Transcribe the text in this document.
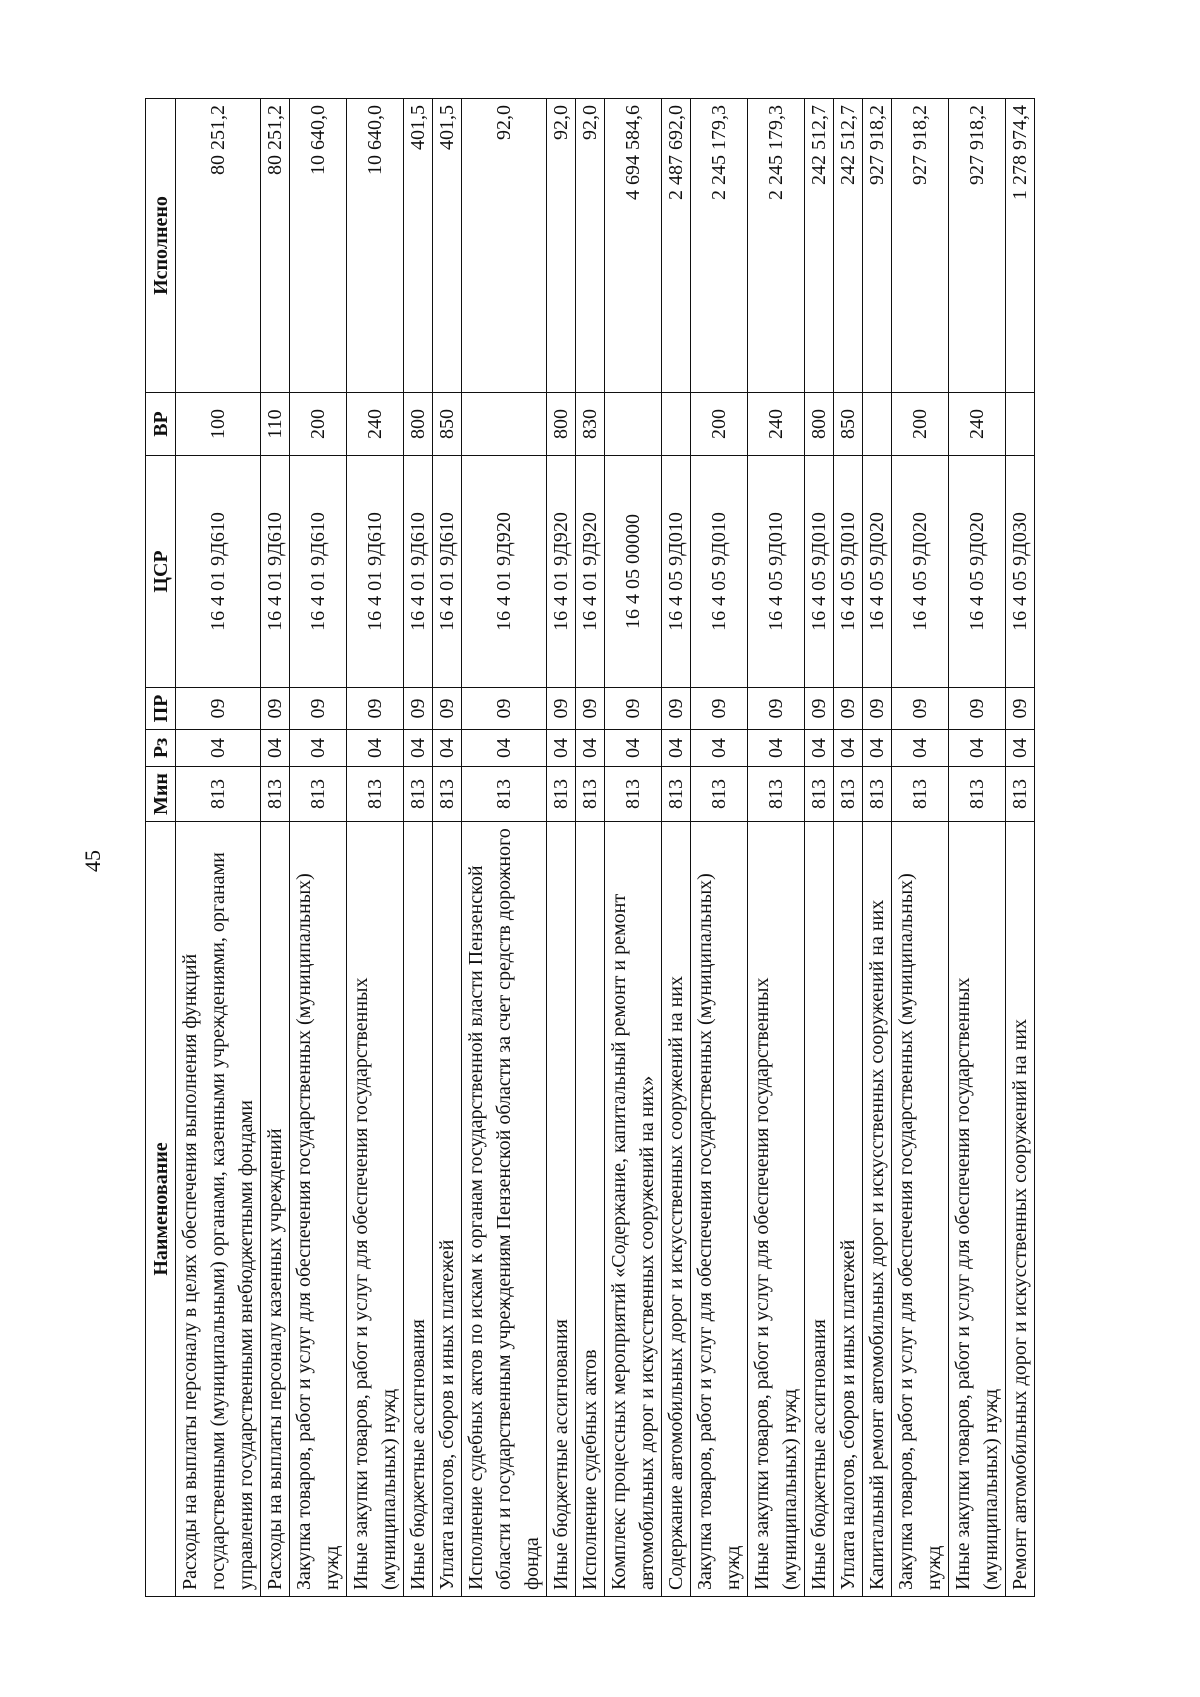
45
Наименование	Мин	Рз	ПР	ЦСР	ВР	Исполнено
Расходы на выплаты персоналу в целях обеспечения выполнения функций государственными (муниципальными) органами, казенными учреждениями, органами управления государственными внебюджетными фондами	813	04	09	16 4 01 9Д610	100	80 251,2
Расходы на выплаты персоналу казенных учреждений	813	04	09	16 4 01 9Д610	110	80 251,2
Закупка товаров, работ и услуг для обеспечения государственных (муниципальных) нужд	813	04	09	16 4 01 9Д610	200	10 640,0
Иные закупки товаров, работ и услуг для обеспечения государственных (муниципальных) нужд	813	04	09	16 4 01 9Д610	240	10 640,0
Иные бюджетные ассигнования	813	04	09	16 4 01 9Д610	800	401,5
Уплата налогов, сборов и иных платежей	813	04	09	16 4 01 9Д610	850	401,5
Исполнение судебных актов по искам к органам государственной власти Пензенской области и государственным учреждениям Пензенской области за счет средств дорожного фонда	813	04	09	16 4 01 9Д920		92,0
Иные бюджетные ассигнования	813	04	09	16 4 01 9Д920	800	92,0
Исполнение судебных актов	813	04	09	16 4 01 9Д920	830	92,0
Комплекс процессных мероприятий «Содержание, капитальный ремонт и ремонт автомобильных дорог и искусственных сооружений на них»	813	04	09	16 4 05 00000		4 694 584,6
Содержание автомобильных дорог и искусственных сооружений на них	813	04	09	16 4 05 9Д010		2 487 692,0
Закупка товаров, работ и услуг для обеспечения государственных (муниципальных) нужд	813	04	09	16 4 05 9Д010	200	2 245 179,3
Иные закупки товаров, работ и услуг для обеспечения государственных (муниципальных) нужд	813	04	09	16 4 05 9Д010	240	2 245 179,3
Иные бюджетные ассигнования	813	04	09	16 4 05 9Д010	800	242 512,7
Уплата налогов, сборов и иных платежей	813	04	09	16 4 05 9Д010	850	242 512,7
Капитальный ремонт автомобильных дорог и искусственных сооружений на них	813	04	09	16 4 05 9Д020		927 918,2
Закупка товаров, работ и услуг для обеспечения государственных (муниципальных) нужд	813	04	09	16 4 05 9Д020	200	927 918,2
Иные закупки товаров, работ и услуг для обеспечения государственных (муниципальных) нужд	813	04	09	16 4 05 9Д020	240	927 918,2
Ремонт автомобильных дорог и искусственных сооружений на них	813	04	09	16 4 05 9Д030		1 278 974,4
